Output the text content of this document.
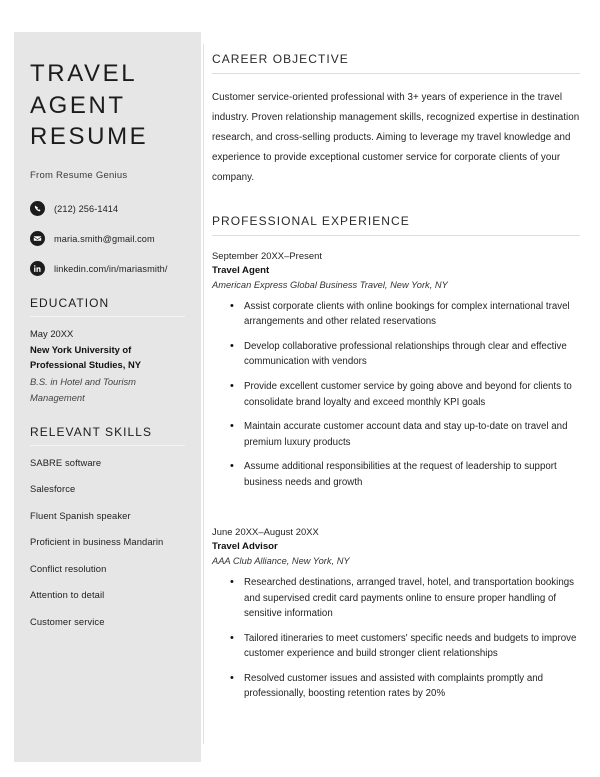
TRAVEL
AGENT
RESUME

From Resume Genius

(212) 256-1414
maria.smith@gmail.com
linkedin.com/in/mariasmith/
EDUCATION
May 20XX
New York University of Professional Studies, NY
B.S. in Hotel and Tourism Management
RELEVANT SKILLS
SABRE software
Salesforce
Fluent Spanish speaker
Proficient in business Mandarin
Conflict resolution
Attention to detail
Customer service
CAREER OBJECTIVE

Customer service-oriented professional with 3+ years of experience in the travel industry. Proven relationship management skills, recognized expertise in destination research, and cross-selling products. Aiming to leverage my travel knowledge and experience to provide exceptional customer service for corporate clients of your company.

PROFESSIONAL EXPERIENCE
September 20XX–Present
Travel Agent
American Express Global Business Travel, New York, NY
• Assist corporate clients with online bookings for complex international travel arrangements and other related reservations
• Develop collaborative professional relationships through clear and effective communication with vendors
• Provide excellent customer service by going above and beyond for clients to consolidate brand loyalty and exceed monthly KPI goals
• Maintain accurate customer account data and stay up-to-date on travel and premium luxury products
• Assume additional responsibilities at the request of leadership to support business needs and growth
June 20XX–August 20XX
Travel Advisor
AAA Club Alliance, New York, NY
• Researched destinations, arranged travel, hotel, and transportation bookings and supervised credit card payments online to ensure proper handling of sensitive information
• Tailored itineraries to meet customers' specific needs and budgets to improve customer experience and build stronger client relationships
• Resolved customer issues and assisted with complaints promptly and professionally, boosting retention rates by 20%
